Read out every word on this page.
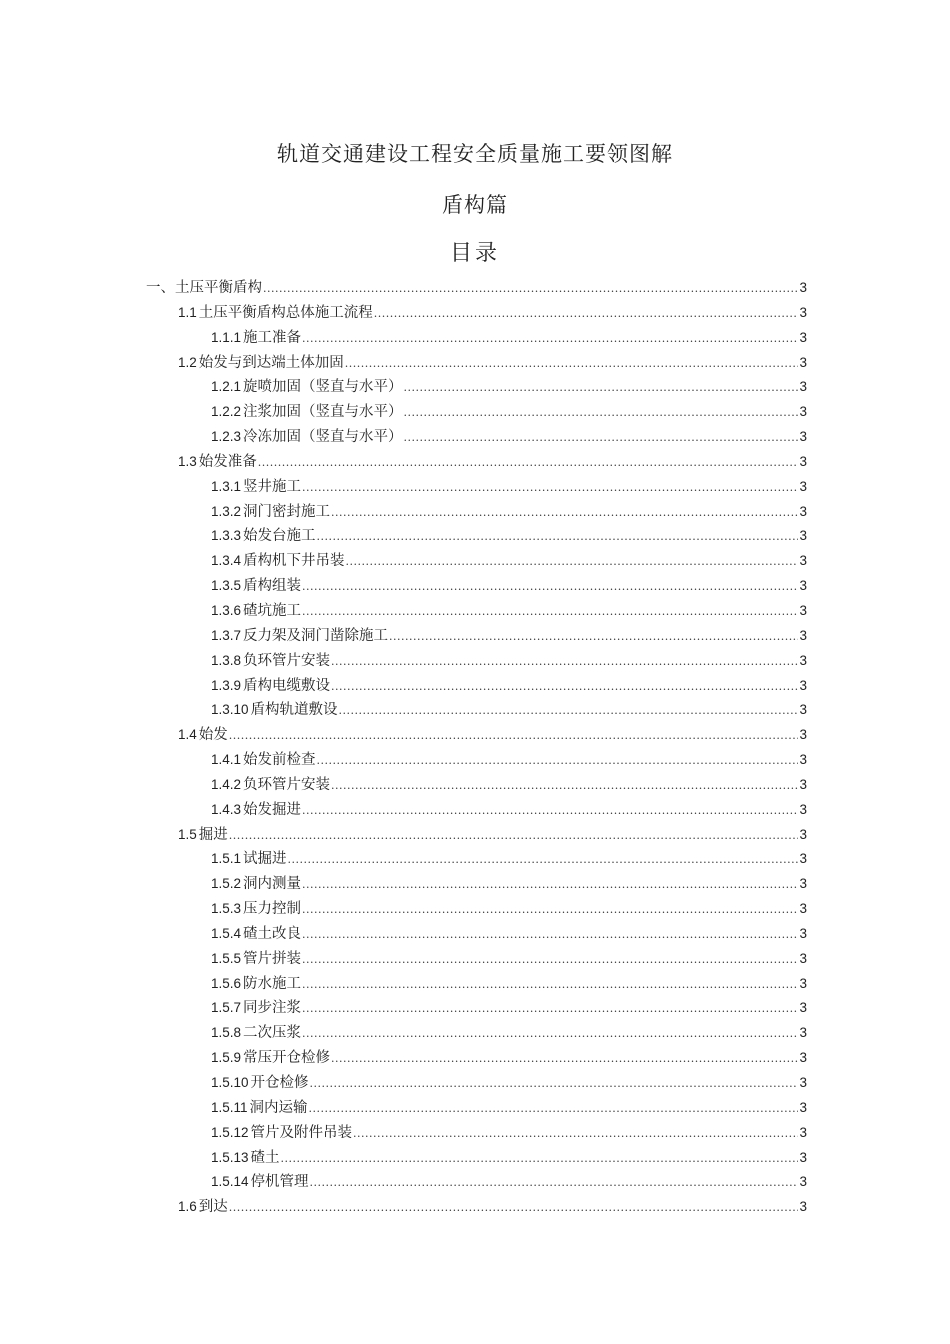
轨道交通建设工程安全质量施工要领图解
盾构篇
目录
一、土压平衡盾构 .....	3
1.1 土压平衡盾构总体施工流程 .....	3
1.1.1 施工准备 .....	3
1.2 始发与到达端土体加固 .....	3
1.2.1 旋喷加固（竖直与水平） .....	3
1.2.2 注浆加固（竖直与水平） .....	3
1.2.3 冷冻加固（竖直与水平） .....	3
1.3 始发准备 .....	3
1.3.1 竖井施工 .....	3
1.3.2 洞门密封施工 .....	3
1.3.3 始发台施工 .....	3
1.3.4 盾构机下井吊装 .....	3
1.3.5 盾构组装 .....	3
1.3.6 碴坑施工 .....	3
1.3.7 反力架及洞门凿除施工 .....	3
1.3.8 负环管片安装 .....	3
1.3.9 盾构电缆敷设 .....	3
1.3.10 盾构轨道敷设 .....	3
1.4 始发 .....	3
1.4.1 始发前检查 .....	3
1.4.2 负环管片安装 .....	3
1.4.3 始发掘进 .....	3
1.5 掘进 .....	3
1.5.1 试掘进 .....	3
1.5.2 洞内测量 .....	3
1.5.3 压力控制 .....	3
1.5.4 碴土改良 .....	3
1.5.5 管片拼装 .....	3
1.5.6 防水施工 .....	3
1.5.7 同步注浆 .....	3
1.5.8 二次压浆 .....	3
1.5.9 常压开仓检修 .....	3
1.5.10 开仓检修 .....	3
1.5.11 洞内运输 .....	3
1.5.12 管片及附件吊装 .....	3
1.5.13 碴土 .....	3
1.5.14 停机管理 .....	3
1.6 到达 .....	3
